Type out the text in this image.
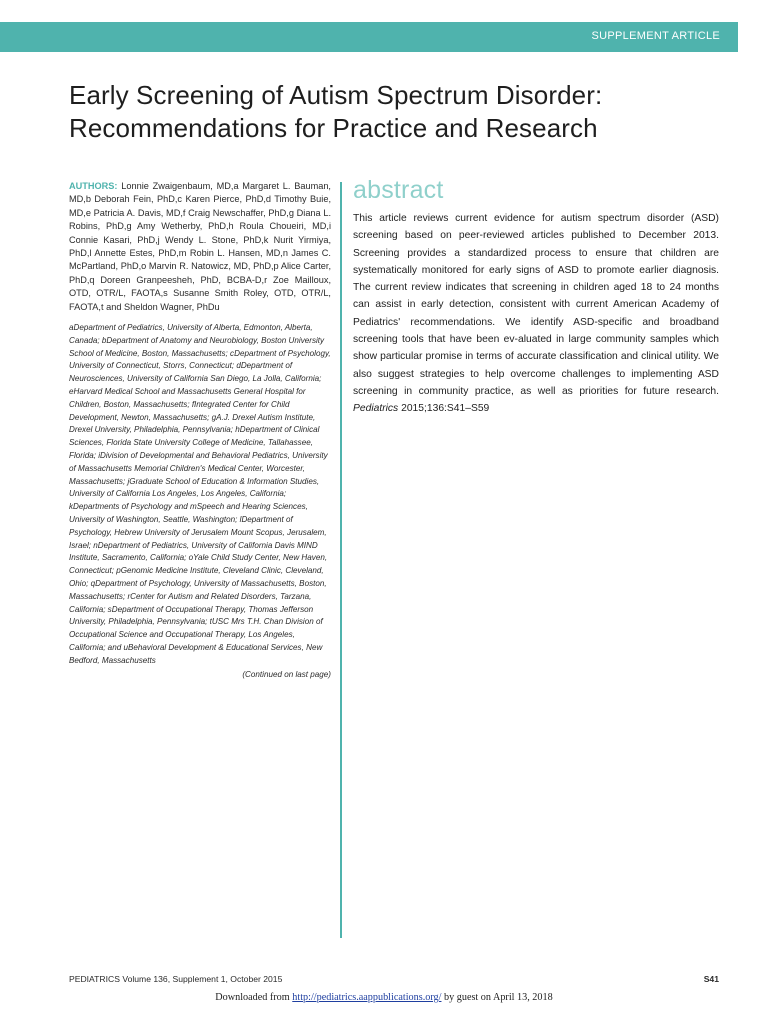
SUPPLEMENT ARTICLE
Early Screening of Autism Spectrum Disorder:
Recommendations for Practice and Research
AUTHORS: Lonnie Zwaigenbaum, MD,a Margaret L. Bauman, MD,b Deborah Fein, PhD,c Karen Pierce, PhD,d Timothy Buie, MD,e Patricia A. Davis, MD,f Craig Newschaffer, PhD,g Diana L. Robins, PhD,g Amy Wetherby, PhD,h Roula Choueiri, MD,i Connie Kasari, PhD,j Wendy L. Stone, PhD,k Nurit Yirmiya, PhD,l Annette Estes, PhD,m Robin L. Hansen, MD,n James C. McPartland, PhD,o Marvin R. Natowicz, MD, PhD,p Alice Carter, PhD,q Doreen Granpeesheh, PhD, BCBA-D,r Zoe Mailloux, OTD, OTR/L, FAOTA,s Susanne Smith Roley, OTD, OTR/L, FAOTA,t and Sheldon Wagner, PhDu
aDepartment of Pediatrics, University of Alberta, Edmonton, Alberta, Canada; bDepartment of Anatomy and Neurobiology, Boston University School of Medicine, Boston, Massachusetts; cDepartment of Psychology, University of Connecticut, Storrs, Connecticut; dDepartment of Neurosciences, University of California San Diego, La Jolla, California; eHarvard Medical School and Massachusetts General Hospital for Children, Boston, Massachusetts; fIntegrated Center for Child Development, Newton, Massachusetts; gA.J. Drexel Autism Institute, Drexel University, Philadelphia, Pennsylvania; hDepartment of Clinical Sciences, Florida State University College of Medicine, Tallahassee, Florida; iDivision of Developmental and Behavioral Pediatrics, University of Massachusetts Memorial Children's Medical Center, Worcester, Massachusetts; jGraduate School of Education & Information Studies, University of California Los Angeles, Los Angeles, California; kDepartments of Psychology and mSpeech and Hearing Sciences, University of Washington, Seattle, Washington; lDepartment of Psychology, Hebrew University of Jerusalem Mount Scopus, Jerusalem, Israel; nDepartment of Pediatrics, University of California Davis MIND Institute, Sacramento, California; oYale Child Study Center, New Haven, Connecticut; pGenomic Medicine Institute, Cleveland Clinic, Cleveland, Ohio; qDepartment of Psychology, University of Massachusetts, Boston, Massachusetts; rCenter for Autism and Related Disorders, Tarzana, California; sDepartment of Occupational Therapy, Thomas Jefferson University, Philadelphia, Pennsylvania; tUSC Mrs T.H. Chan Division of Occupational Science and Occupational Therapy, Los Angeles, California; and uBehavioral Development & Educational Services, New Bedford, Massachusetts
(Continued on last page)
abstract
This article reviews current evidence for autism spectrum disorder (ASD) screening based on peer-reviewed articles published to December 2013. Screening provides a standardized process to ensure that children are systematically monitored for early signs of ASD to promote earlier diagnosis. The current review indicates that screening in children aged 18 to 24 months can assist in early detection, consistent with current American Academy of Pediatrics' recommendations. We identify ASD-specific and broadband screening tools that have been ev-aluated in large community samples which show particular promise in terms of accurate classification and clinical utility. We also suggest strategies to help overcome challenges to implementing ASD screening in community practice, as well as priorities for future research. Pediatrics 2015;136:S41–S59
PEDIATRICS Volume 136, Supplement 1, October 2015	S41
Downloaded from http://pediatrics.aappublications.org/ by guest on April 13, 2018
